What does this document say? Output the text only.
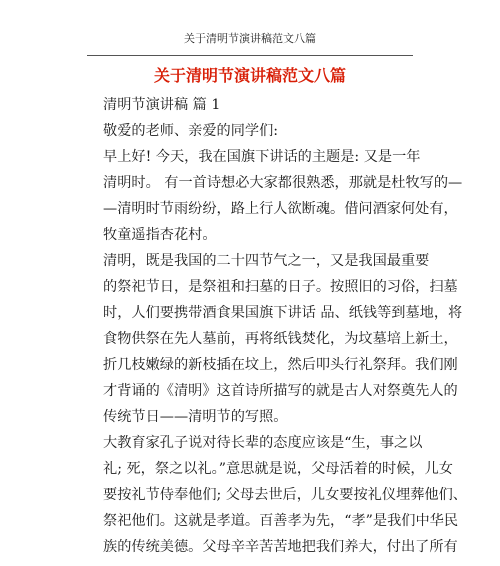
关于清明节演讲稿范文八篇
关于清明节演讲稿范文八篇
清明节演讲稿 篇 1
敬爱的老师、亲爱的同学们:
早上好! 今天，我在国旗下讲话的主题是: 又是一年
清明时。 有一首诗想必大家都很熟悉，那就是杜牧写的—
—清明时节雨纷纷，路上行人欲断魂。借问酒家何处有，
牧童遥指杏花村。
清明，既是我国的二十四节气之一，又是我国最重要
的祭祀节日，是祭祖和扫墓的日子。按照旧的习俗，扫墓
时，人们要携带酒食果国旗下讲话 品、纸钱等到墓地，将
食物供祭在先人墓前，再将纸钱焚化，为坟墓培上新土，
折几枝嫩绿的新枝插在坟上，然后叩头行礼祭拜。我们刚
才背诵的《清明》这首诗所描写的就是古人对祭奠先人的
传统节日——清明节的写照。
大教育家孔子说对待长辈的态度应该是“生，事之以
礼; 死，祭之以礼。”意思就是说，父母活着的时候，儿女
要按礼节侍奉他们; 父母去世后，儿女要按礼仪埋葬他们、
祭祀他们。这就是孝道。百善孝为先，“孝”是我们中华民
族的传统美德。父母辛辛苦苦地把我们养大，付出了所有
